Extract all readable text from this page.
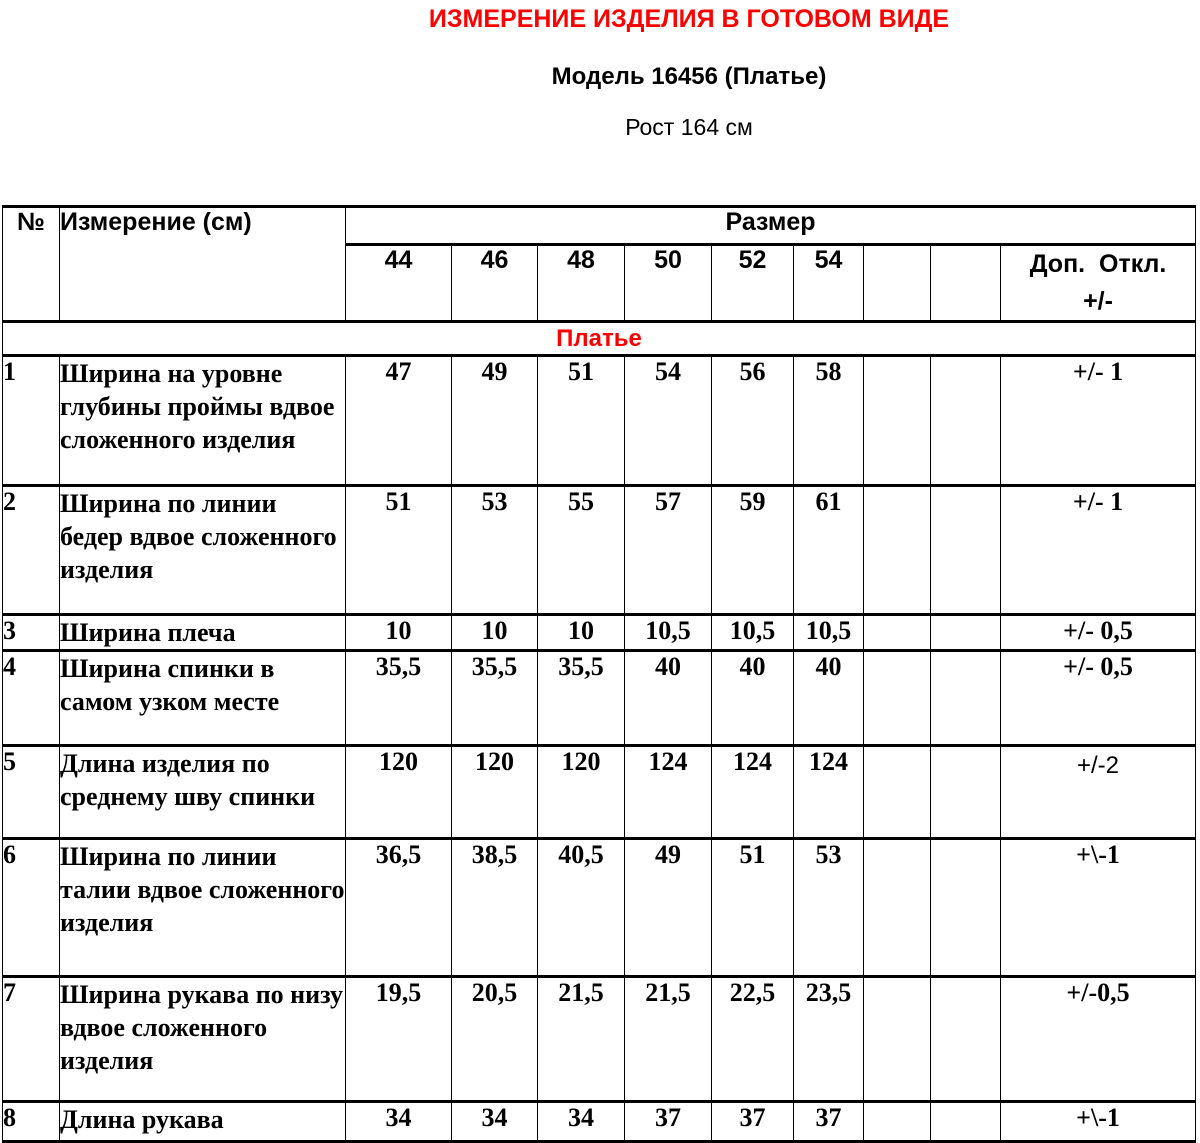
ИЗМЕРЕНИЕ ИЗДЕЛИЯ В ГОТОВОМ ВИДЕ
Модель 16456 (Платье)
Рост 164 см
№	Измерение (см)	Размер								
		44	46	48	50	52	54			Доп.  Откл.
+/-

Платье										
1	Ширина на уровне глубины проймы вдвое сложенного изделия	47	49	51	54	56	58			+/- 1
2	Ширина по линии бедер вдвое сложенного изделия	51	53	55	57	59	61			+/- 1
3	Ширина плеча	10	10	10	10,5	10,5	10,5			+/- 0,5
4	Ширина спинки в самом узком месте	35,5	35,5	35,5	40	40	40			+/- 0,5
5	Длина изделия по среднему шву спинки	120	120	120	124	124	124			+/-2
6	Ширина по линии талии вдвое сложенного изделия	36,5	38,5	40,5	49	51	53			+\-1
7	Ширина рукава по низу вдвое сложенного изделия	19,5	20,5	21,5	21,5	22,5	23,5			+/-0,5
8	Длина рукава	34	34	34	37	37	37			+\-1
